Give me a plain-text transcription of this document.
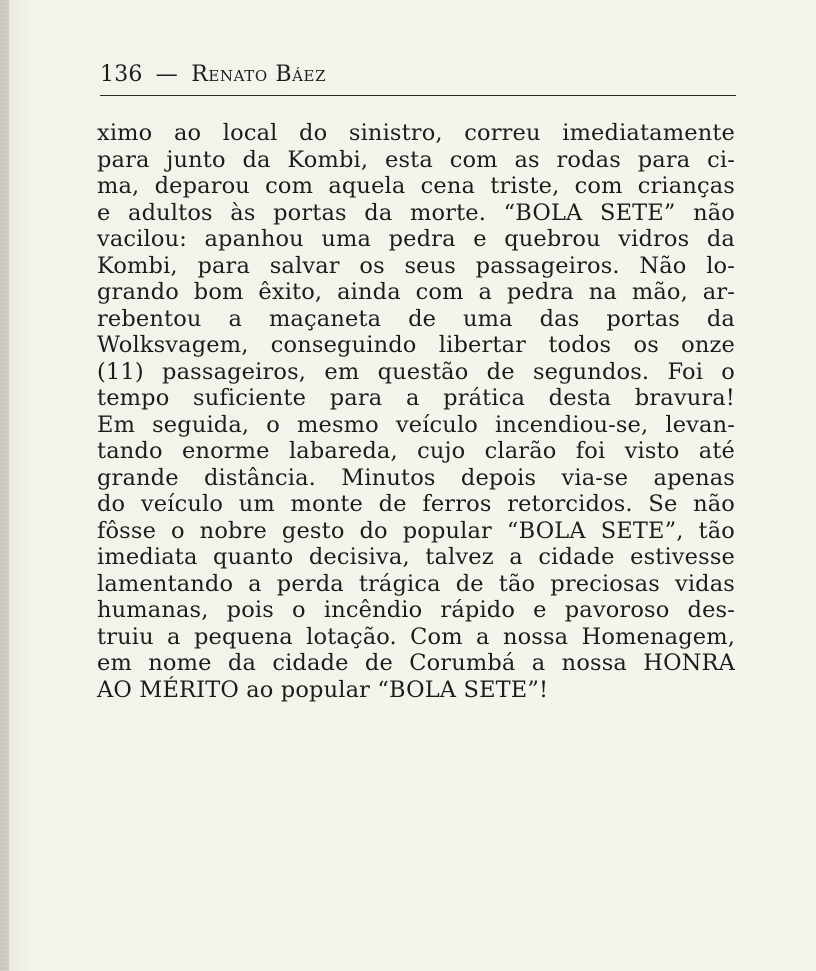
136 — Renato Báez
ximo ao local do sinistro, correu imediatamente
para junto da Kombi, esta com as rodas para ci-
ma, deparou com aquela cena triste, com crianças
e adultos às portas da morte. “BOLA SETE” não
vacilou: apanhou uma pedra e quebrou vidros da
Kombi, para salvar os seus passageiros. Não lo-
grando bom êxito, ainda com a pedra na mão, ar-
rebentou a maçaneta de uma das portas da
Wolksvagem, conseguindo libertar todos os onze
(11) passageiros, em questão de segundos. Foi o
tempo suficiente para a prática desta bravura!
Em seguida, o mesmo veículo incendiou-se, levan-
tando enorme labareda, cujo clarão foi visto até
grande distância. Minutos depois via-se apenas
do veículo um monte de ferros retorcidos. Se não
fôsse o nobre gesto do popular “BOLA SETE”, tão
imediata quanto decisiva, talvez a cidade estivesse
lamentando a perda trágica de tão preciosas vidas
humanas, pois o incêndio rápido e pavoroso des-
truiu a pequena lotação. Com a nossa Homenagem,
em nome da cidade de Corumbá a nossa HONRA
AO MÉRITO ao popular “BOLA SETE”!
